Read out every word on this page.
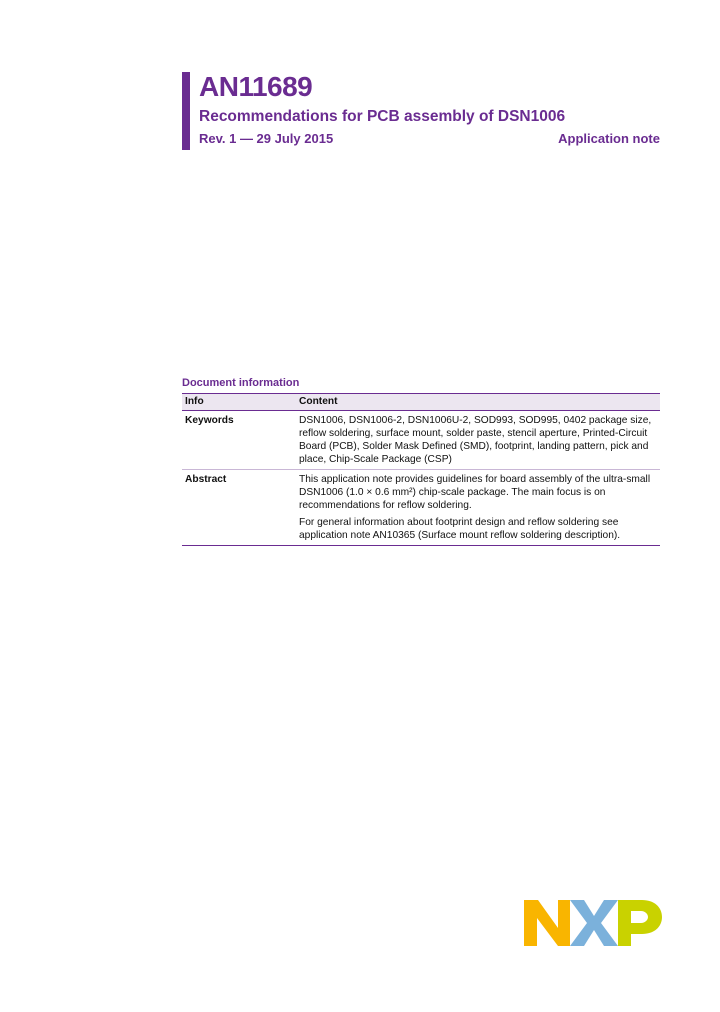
AN11689
Recommendations for PCB assembly of DSN1006
Rev. 1 — 29 July 2015	Application note
Document information
Info	Content
Keywords	DSN1006, DSN1006-2, DSN1006U-2, SOD993, SOD995, 0402 package size, reflow soldering, surface mount, solder paste, stencil aperture, Printed-Circuit Board (PCB), Solder Mask Defined (SMD), footprint, landing pattern, pick and place, Chip-Scale Package (CSP)

Abstract	This application note provides guidelines for board assembly of the ultra-small DSN1006 (1.0 × 0.6 mm²) chip-scale package. The main focus is on recommendations for reflow soldering.
For general information about footprint design and reflow soldering see application note AN10365 (Surface mount reflow soldering description).
